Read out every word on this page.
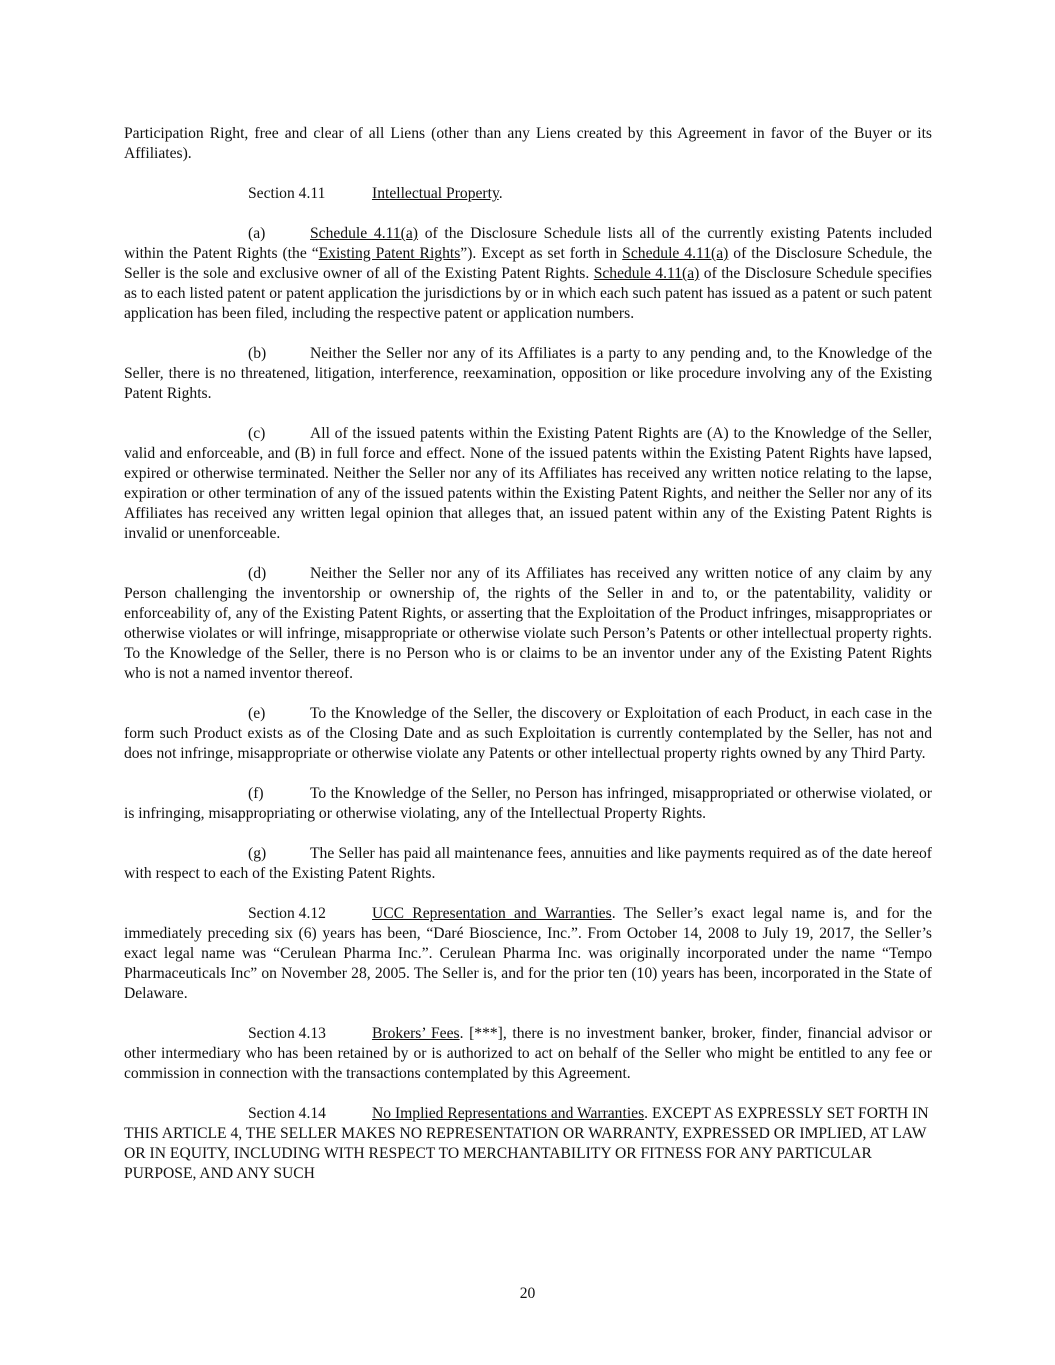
Participation Right, free and clear of all Liens (other than any Liens created by this Agreement in favor of the Buyer or its Affiliates).

Section 4.11	Intellectual Property.

(a)	Schedule 4.11(a) of the Disclosure Schedule lists all of the currently existing Patents included within the Patent Rights (the “Existing Patent Rights”). Except as set forth in Schedule 4.11(a) of the Disclosure Schedule, the Seller is the sole and exclusive owner of all of the Existing Patent Rights. Schedule 4.11(a) of the Disclosure Schedule specifies as to each listed patent or patent application the jurisdictions by or in which each such patent has issued as a patent or such patent application has been filed, including the respective patent or application numbers.

(b)	Neither the Seller nor any of its Affiliates is a party to any pending and, to the Knowledge of the Seller, there is no threatened, litigation, interference, reexamination, opposition or like procedure involving any of the Existing Patent Rights.

(c)	All of the issued patents within the Existing Patent Rights are (A) to the Knowledge of the Seller, valid and enforceable, and (B) in full force and effect. None of the issued patents within the Existing Patent Rights have lapsed, expired or otherwise terminated. Neither the Seller nor any of its Affiliates has received any written notice relating to the lapse, expiration or other termination of any of the issued patents within the Existing Patent Rights, and neither the Seller nor any of its Affiliates has received any written legal opinion that alleges that, an issued patent within any of the Existing Patent Rights is invalid or unenforceable.

(d)	Neither the Seller nor any of its Affiliates has received any written notice of any claim by any Person challenging the inventorship or ownership of, the rights of the Seller in and to, or the patentability, validity or enforceability of, any of the Existing Patent Rights, or asserting that the Exploitation of the Product infringes, misappropriates or otherwise violates or will infringe, misappropriate or otherwise violate such Person’s Patents or other intellectual property rights. To the Knowledge of the Seller, there is no Person who is or claims to be an inventor under any of the Existing Patent Rights who is not a named inventor thereof.

(e)	To the Knowledge of the Seller, the discovery or Exploitation of each Product, in each case in the form such Product exists as of the Closing Date and as such Exploitation is currently contemplated by the Seller, has not and does not infringe, misappropriate or otherwise violate any Patents or other intellectual property rights owned by any Third Party.

(f)	To the Knowledge of the Seller, no Person has infringed, misappropriated or otherwise violated, or is infringing, misappropriating or otherwise violating, any of the Intellectual Property Rights.

(g)	The Seller has paid all maintenance fees, annuities and like payments required as of the date hereof with respect to each of the Existing Patent Rights.

Section 4.12	UCC Representation and Warranties. The Seller’s exact legal name is, and for the immediately preceding six (6) years has been, “Daré Bioscience, Inc.”. From October 14, 2008 to July 19, 2017, the Seller’s exact legal name was “Cerulean Pharma Inc.”. Cerulean Pharma Inc. was originally incorporated under the name “Tempo Pharmaceuticals Inc” on November 28, 2005. The Seller is, and for the prior ten (10) years has been, incorporated in the State of Delaware.

Section 4.13	Brokers’ Fees. [***], there is no investment banker, broker, finder, financial advisor or other intermediary who has been retained by or is authorized to act on behalf of the Seller who might be entitled to any fee or commission in connection with the transactions contemplated by this Agreement.

Section 4.14	No Implied Representations and Warranties. EXCEPT AS EXPRESSLY SET FORTH IN THIS ARTICLE 4, THE SELLER MAKES NO REPRESENTATION OR WARRANTY, EXPRESSED OR IMPLIED, AT LAW OR IN EQUITY, INCLUDING WITH RESPECT TO MERCHANTABILITY OR FITNESS FOR ANY PARTICULAR PURPOSE, AND ANY SUCH

20
